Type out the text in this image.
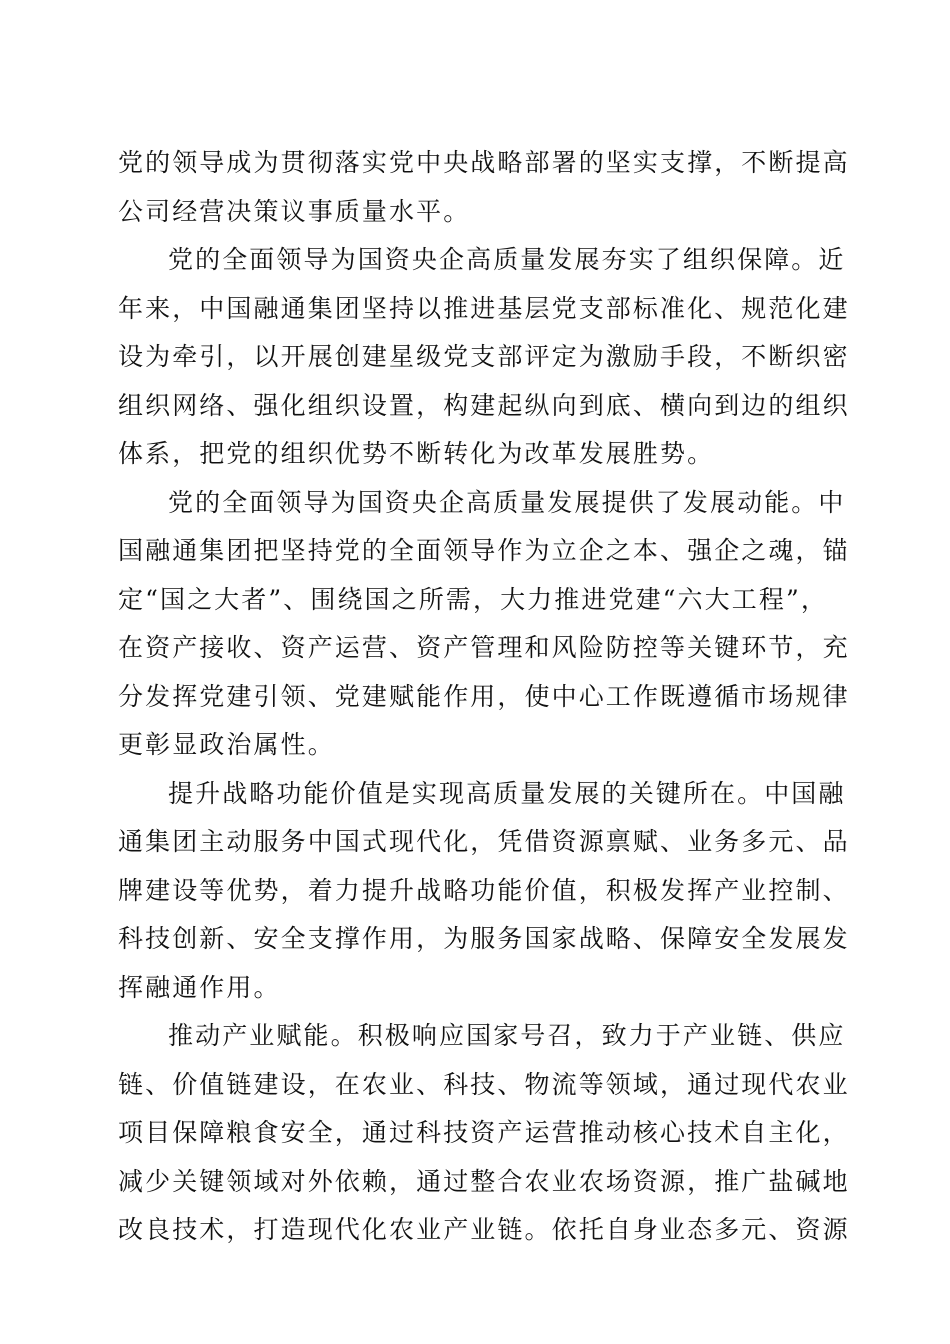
党的领导成为贯彻落实党中央战略部署的坚实支撑，不断提高

公司经营决策议事质量水平。

党的全面领导为国资央企高质量发展夯实了组织保障。近

年来，中国融通集团坚持以推进基层党支部标准化、规范化建

设为牵引，以开展创建星级党支部评定为激励手段，不断织密

组织网络、强化组织设置，构建起纵向到底、横向到边的组织

体系，把党的组织优势不断转化为改革发展胜势。

党的全面领导为国资央企高质量发展提供了发展动能。中

国融通集团把坚持党的全面领导作为立企之本、强企之魂，锚

定“国之大者”、围绕国之所需，大力推进党建“六大工程”，

在资产接收、资产运营、资产管理和风险防控等关键环节，充

分发挥党建引领、党建赋能作用，使中心工作既遵循市场规律

更彰显政治属性。

提升战略功能价值是实现高质量发展的关键所在。中国融

通集团主动服务中国式现代化，凭借资源禀赋、业务多元、品

牌建设等优势，着力提升战略功能价值，积极发挥产业控制、

科技创新、安全支撑作用，为服务国家战略、保障安全发展发

挥融通作用。

推动产业赋能。积极响应国家号召，致力于产业链、供应

链、价值链建设，在农业、科技、物流等领域，通过现代农业

项目保障粮食安全，通过科技资产运营推动核心技术自主化，

减少关键领域对外依赖，通过整合农业农场资源，推广盐碱地

改良技术，打造现代化农业产业链。依托自身业态多元、资源
